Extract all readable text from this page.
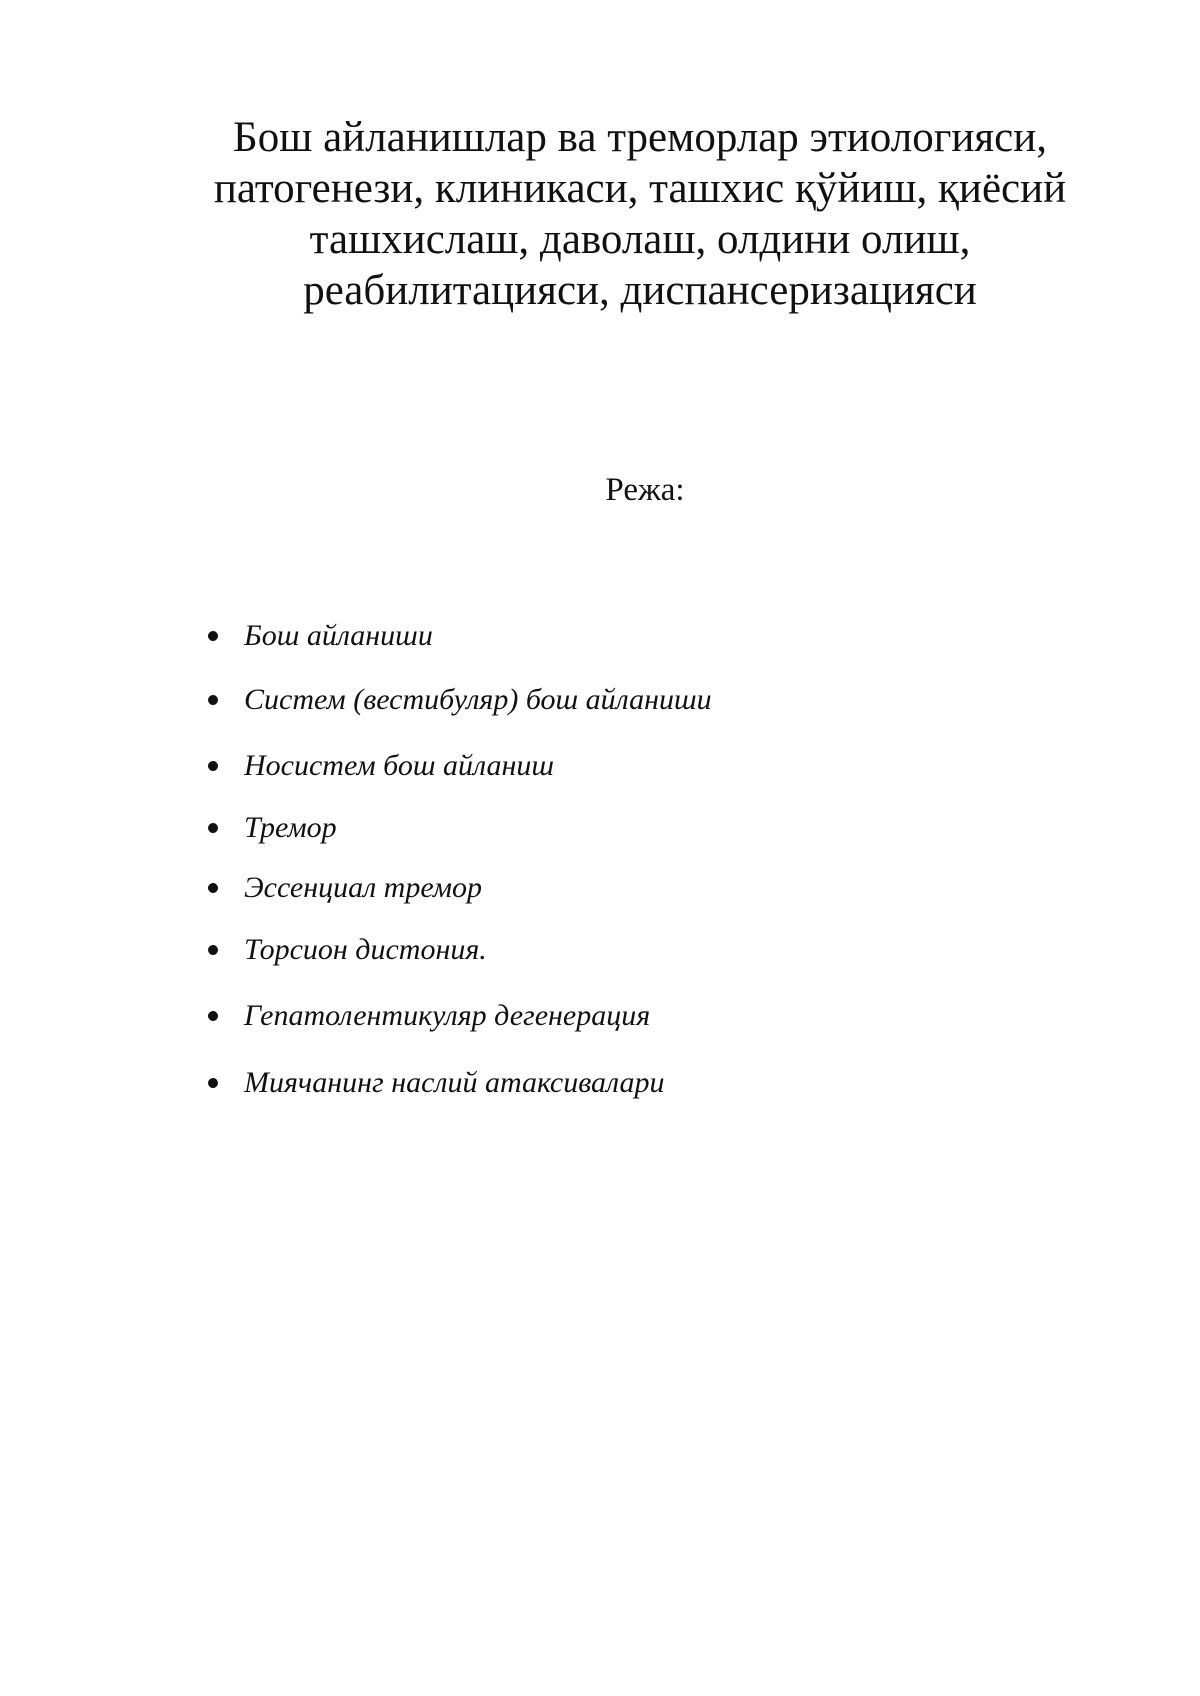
Бош айланишлар ва треморлар этиологияси,
патогенези, клиникаси, ташхис қўйиш, қиёсий
ташхислаш, даволаш, олдини олиш,
реабилитацияси, диспансеризацияси
Режа:
Бош айланиши
Систем (вестибуляр) бош айланиши
Носистем бош айланиш
Тремор
Эссенциал тремор
Торсион дистония.
Гепатолентикуляр дегенерация
Миячанинг наслий атаксивалари
